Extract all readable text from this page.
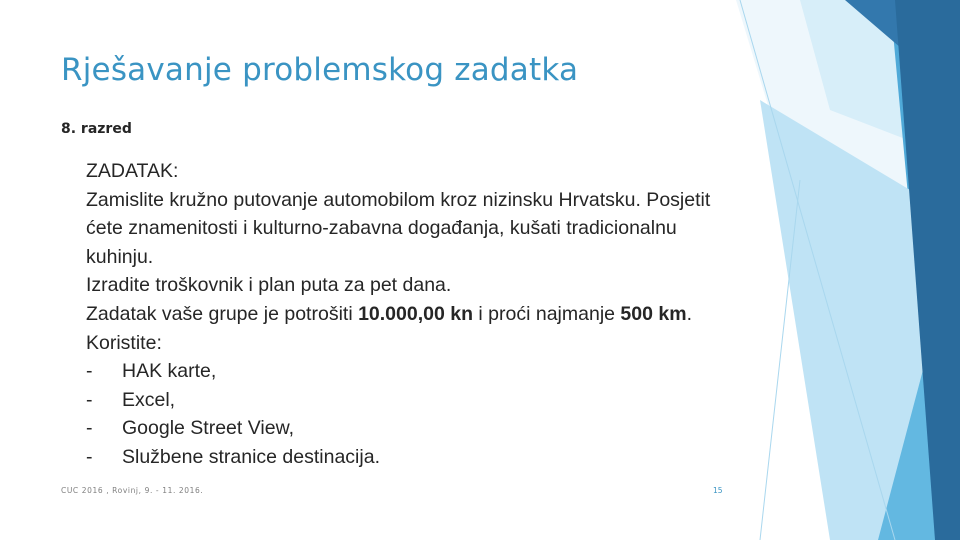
Rješavanje problemskog zadatka
8. razred
ZADATAK:
Zamislite kružno putovanje automobilom kroz nizinsku Hrvatsku. Posjetit
ćete znamenitosti i kulturno-zabavna događanja, kušati tradicionalnu
kuhinju.
Izradite troškovnik i plan puta za pet dana.
Zadatak vaše grupe je potrošiti 10.000,00 kn i proći najmanje 500 km.
Koristite:
- HAK karte,
- Excel,
- Google Street View,
- Službene stranice destinacija.
CUC 2016 , Rovinj, 9. - 11. 2016.	15
